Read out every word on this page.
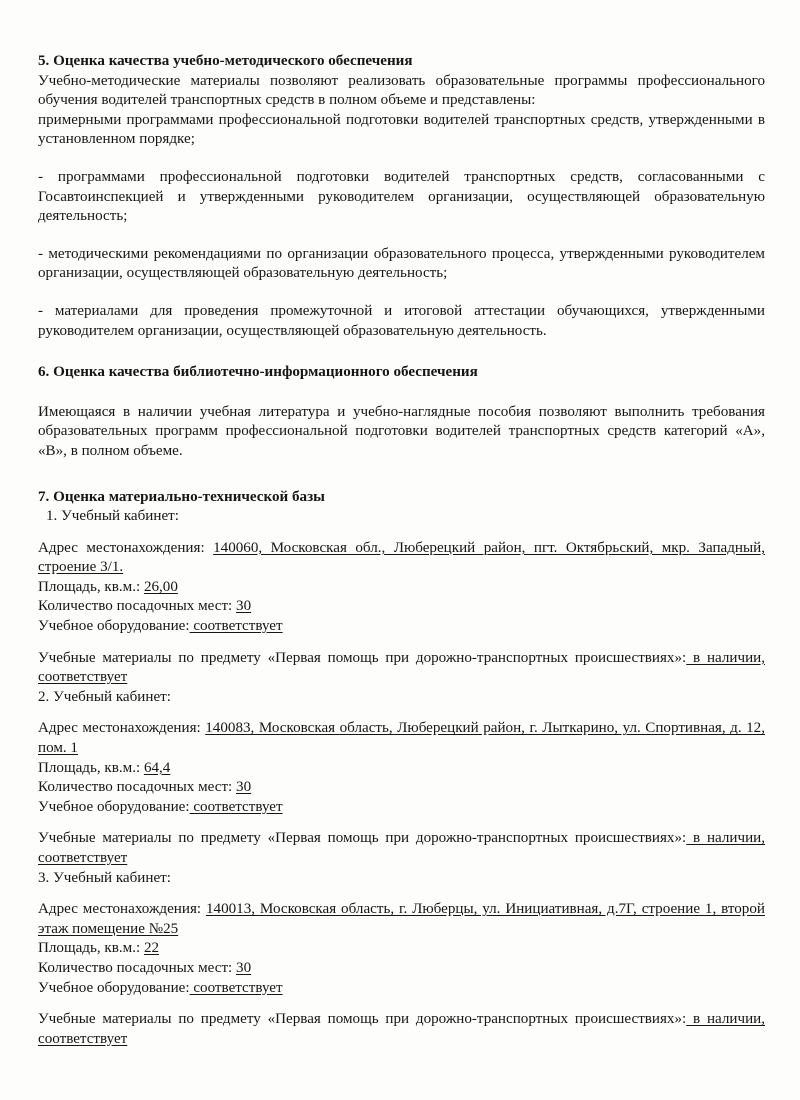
5. Оценка качества учебно-методического обеспечения

Учебно-методические материалы позволяют реализовать образовательные программы профессионального обучения водителей транспортных средств в полном объеме и представлены:

примерными программами профессиональной подготовки водителей транспортных средств, утвержденными в установленном порядке;

- программами профессиональной подготовки водителей транспортных средств, согласованными с Госавтоинспекцией и утвержденными руководителем организации, осуществляющей образовательную деятельность;

- методическими рекомендациями по организации образовательного процесса, утвержденными руководителем организации, осуществляющей образовательную деятельность;

- материалами для проведения промежуточной и итоговой аттестации обучающихся, утвержденными руководителем организации, осуществляющей образовательную деятельность.

6. Оценка качества библиотечно-информационного обеспечения

Имеющаяся в наличии учебная литература и учебно-наглядные пособия позволяют выполнить требования образовательных программ профессиональной подготовки водителей транспортных средств категорий «А», «В», в полном объеме.

7. Оценка материально-технической базы

1. Учебный кабинет:

Адрес местонахождения: 140060, Московская обл., Люберецкий район, пгт. Октябрьский, мкр. Западный, строение 3/1.

Площадь, кв.м.: 26,00

Количество посадочных мест: 30

Учебное оборудование: соответствует

Учебные материалы по предмету «Первая помощь при дорожно-транспортных происшествиях»: в наличии, соответствует

2. Учебный кабинет:

Адрес местонахождения: 140083, Московская область, Люберецкий район, г. Лыткарино, ул. Спортивная, д. 12, пом. 1

Площадь, кв.м.: 64,4

Количество посадочных мест: 30

Учебное оборудование: соответствует

Учебные материалы по предмету «Первая помощь при дорожно-транспортных происшествиях»: в наличии, соответствует

3. Учебный кабинет:

Адрес местонахождения: 140013, Московская область, г. Люберцы, ул. Инициативная, д.7Г, строение 1, второй этаж помещение №25

Площадь, кв.м.: 22

Количество посадочных мест: 30

Учебное оборудование: соответствует

Учебные материалы по предмету «Первая помощь при дорожно-транспортных происшествиях»: в наличии, соответствует
